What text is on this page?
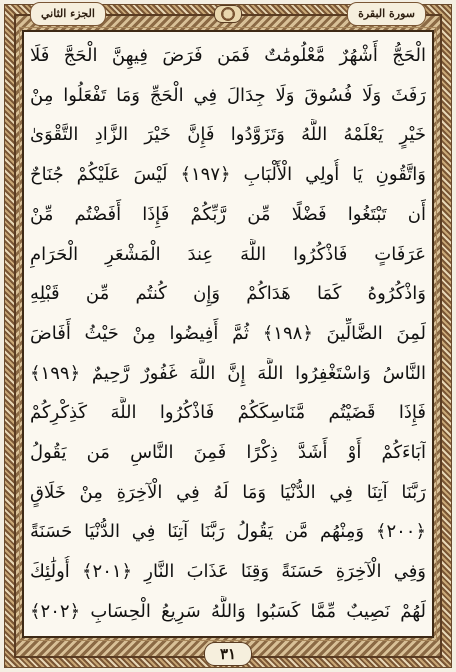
الجزء الثاني	سورة البقرة
الْحَجُّ أَشْهُرٌ مَّعْلُومَٰتٌ فَمَن فَرَضَ فِيهِنَّ الْحَجَّ فَلَا
رَفَثَ وَلَا فُسُوقَ وَلَا جِدَالَ فِي الْحَجِّ وَمَا تَفْعَلُوا مِنْ
خَيْرٍ يَعْلَمْهُ اللَّهُ وَتَزَوَّدُوا فَإِنَّ خَيْرَ الزَّادِ التَّقْوَىٰ
وَاتَّقُونِ يَا أُولِي الْأَلْبَابِ ﴿١٩٧﴾ لَيْسَ عَلَيْكُمْ جُنَاحٌ
أَن تَبْتَغُوا فَضْلًا مِّن رَّبِّكُمْ فَإِذَا أَفَضْتُم مِّنْ
عَرَفَاتٍ فَاذْكُرُوا اللَّهَ عِندَ الْمَشْعَرِ الْحَرَامِ
وَاذْكُرُوهُ كَمَا هَدَاكُمْ وَإِن كُنتُم مِّن قَبْلِهِ
لَمِنَ الضَّالِّينَ ﴿١٩٨﴾ ثُمَّ أَفِيضُوا مِنْ حَيْثُ أَفَاضَ
النَّاسُ وَاسْتَغْفِرُوا اللَّهَ إِنَّ اللَّهَ غَفُورٌ رَّحِيمٌ ﴿١٩٩﴾
فَإِذَا قَضَيْتُم مَّنَاسِكَكُمْ فَاذْكُرُوا اللَّهَ كَذِكْرِكُمْ
آبَاءَكُمْ أَوْ أَشَدَّ ذِكْرًا فَمِنَ النَّاسِ مَن يَقُولُ
رَبَّنَا آتِنَا فِي الدُّنْيَا وَمَا لَهُ فِي الْآخِرَةِ مِنْ خَلَاقٍ
﴿٢٠٠﴾ وَمِنْهُم مَّن يَقُولُ رَبَّنَا آتِنَا فِي الدُّنْيَا حَسَنَةً
وَفِي الْآخِرَةِ حَسَنَةً وَقِنَا عَذَابَ النَّارِ ﴿٢٠١﴾ أُولَٰئِكَ
لَهُمْ نَصِيبٌ مِّمَّا كَسَبُوا وَاللَّهُ سَرِيعُ الْحِسَابِ ﴿٢٠٢﴾
٣١
